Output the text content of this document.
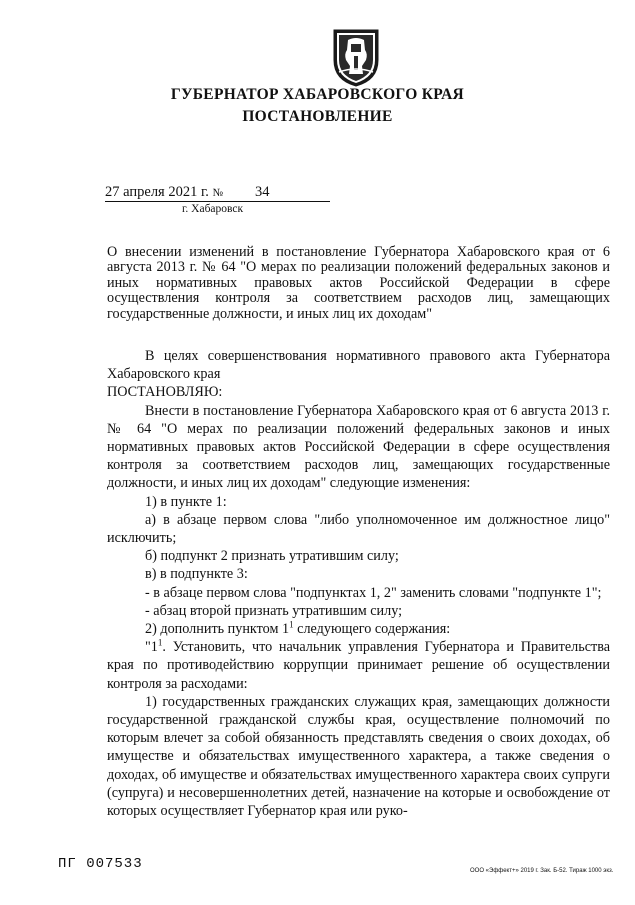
ГУБЕРНАТОР ХАБАРОВСКОГО КРАЯ
ПОСТАНОВЛЕНИЕ
27 апреля 2021 г. № 34
г. Хабаровск
О внесении изменений в постановление Губернатора Хабаровского края от 6 августа 2013 г. № 64 "О мерах по реализации положений федеральных законов и иных нормативных правовых актов Российской Федерации в сфере осуществления контроля за соответствием расходов лиц, замещающих государственные должности, и иных лиц их доходам"

В целях совершенствования нормативного правового акта Губернатора Хабаровского края

ПОСТАНОВЛЯЮ:

Внести в постановление Губернатора Хабаровского края от 6 августа 2013 г. № 64 "О мерах по реализации положений федеральных законов и иных нормативных правовых актов Российской Федерации в сфере осуществления контроля за соответствием расходов лиц, замещающих государственные должности, и иных лиц их доходам" следующие изменения:

1) в пункте 1:

а) в абзаце первом слова "либо уполномоченное им должностное лицо" исключить;

б) подпункт 2 признать утратившим силу;

в) в подпункте 3:

- в абзаце первом слова "подпунктах 1, 2" заменить словами "подпункте 1";

- абзац второй признать утратившим силу;

2) дополнить пунктом $1^1$ следующего содержания:

"$1^1$. Установить, что начальник управления Губернатора и Правительства края по противодействию коррупции принимает решение об осуществлении контроля за расходами:

1) государственных гражданских служащих края, замещающих должности государственной гражданской службы края, осуществление полномочий по которым влечет за собой обязанность представлять сведения о своих доходах, об имуществе и обязательствах имущественного характера, а также сведения о доходах, об имуществе и обязательствах имущественного характера своих супруги (супруга) и несовершеннолетних детей, назначение на которые и освобождение от которых осуществляет Губернатор края или руко-

ПГ 007533	ООО «Эффект+» 2019 г. Зак. Б-52. Тираж 1000 экз.
